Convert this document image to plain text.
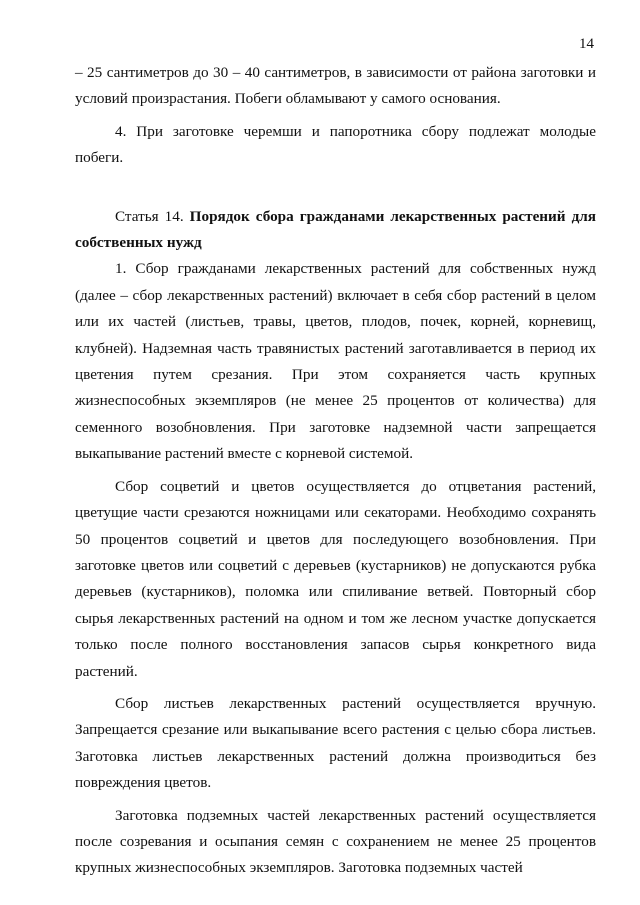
14

– 25 сантиметров до 30 – 40 сантиметров, в зависимости от района заготовки и условий произрастания. Побеги обламывают у самого основания.

4. При заготовке черемши и папоротника сбору подлежат молодые побеги.

Статья 14. Порядок сбора гражданами лекарственных растений для собственных нужд

1. Сбор гражданами лекарственных растений для собственных нужд (далее – сбор лекарственных растений) включает в себя сбор растений в целом или их частей (листьев, травы, цветов, плодов, почек, корней, корневищ, клубней). Надземная часть травянистых растений заготавливается в период их цветения путем срезания. При этом сохраняется часть крупных жизнеспособных экземпляров (не менее 25 процентов от количества) для семенного возобновления. При заготовке надземной части запрещается выкапывание растений вместе с корневой системой.

Сбор соцветий и цветов осуществляется до отцветания растений, цветущие части срезаются ножницами или секаторами. Необходимо сохранять 50 процентов соцветий и цветов для последующего возобновления. При заготовке цветов или соцветий с деревьев (кустарников) не допускаются рубка деревьев (кустарников), поломка или спиливание ветвей. Повторный сбор сырья лекарственных растений на одном и том же лесном участке допускается только после полного восстановления запасов сырья конкретного вида растений.

Сбор листьев лекарственных растений осуществляется вручную. Запрещается срезание или выкапывание всего растения с целью сбора листьев. Заготовка листьев лекарственных растений должна производиться без повреждения цветов.

Заготовка подземных частей лекарственных растений осуществляется после созревания и осыпания семян с сохранением не менее 25 процентов крупных жизнеспособных экземпляров. Заготовка подземных частей
